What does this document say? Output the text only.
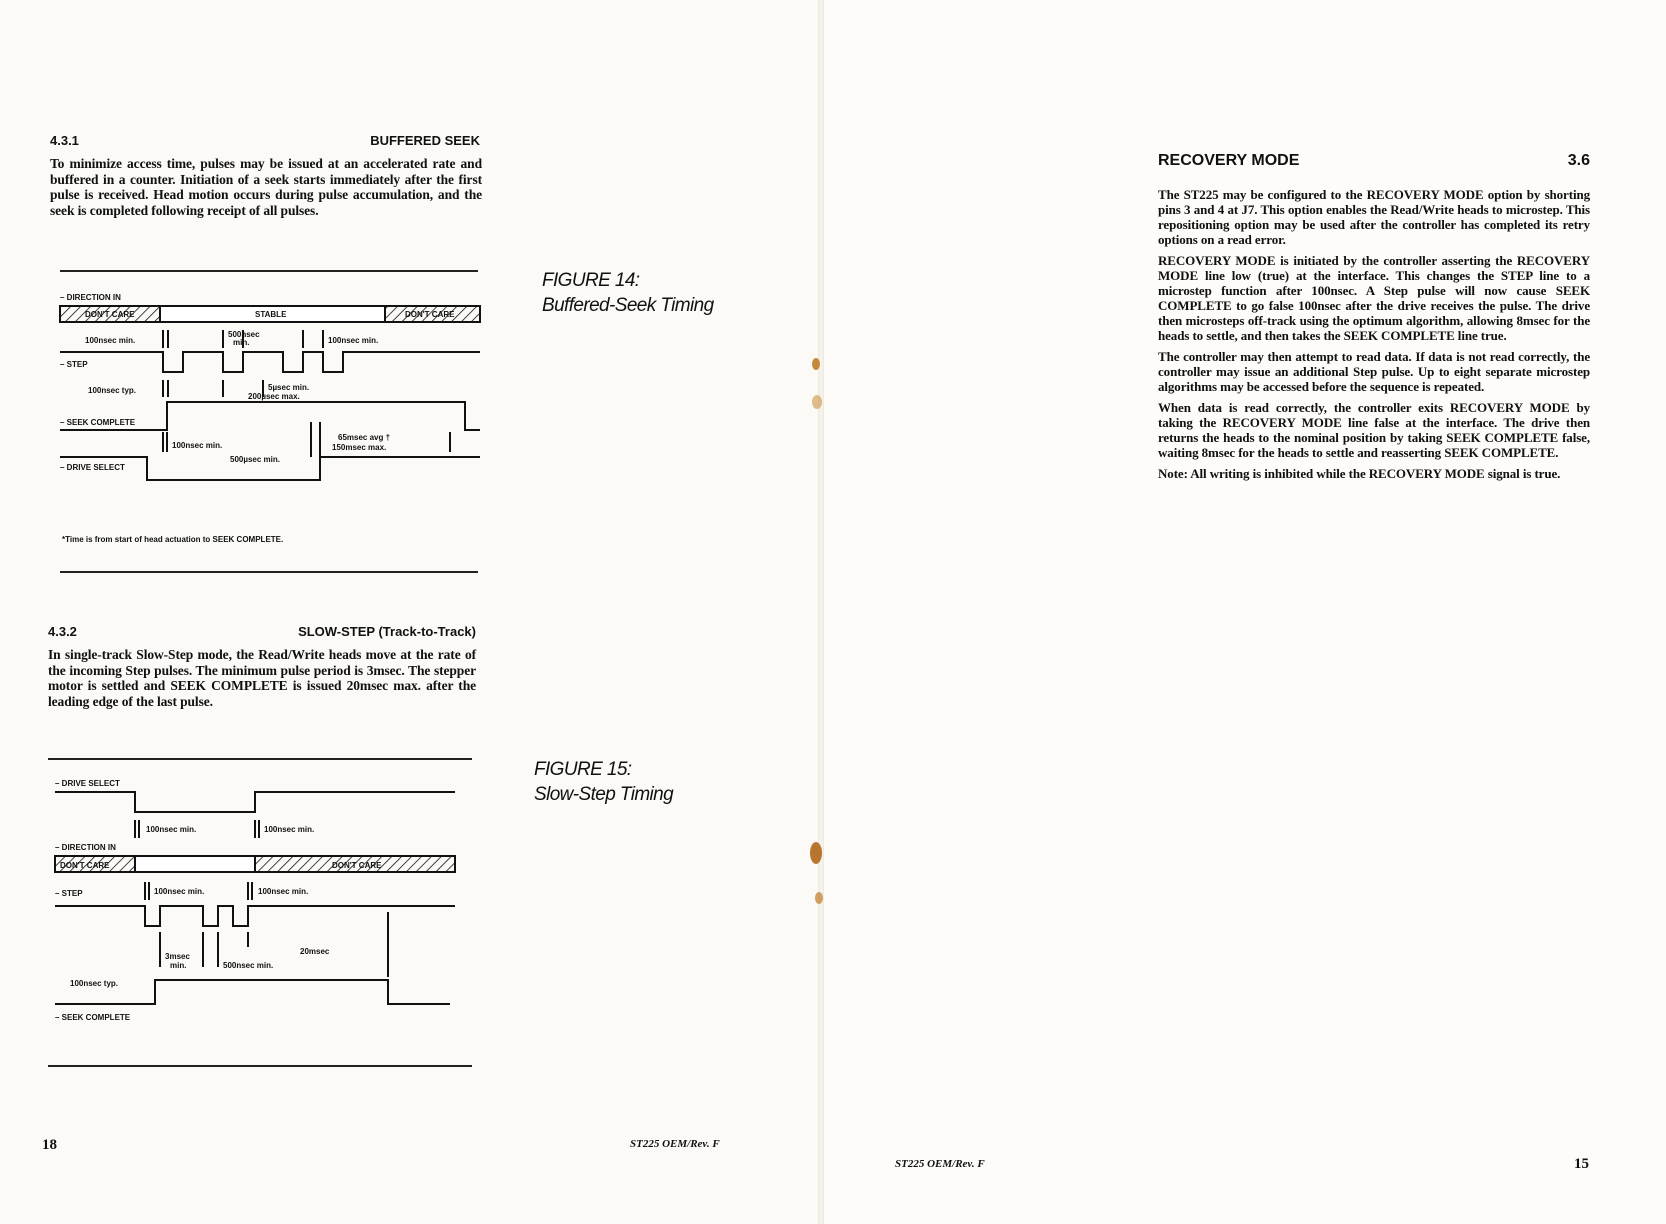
4.3.1	BUFFERED SEEK

To minimize access time, pulses may be issued at an accelerated rate and buffered in a counter. Initiation of a seek starts immediately after the first pulse is received. Head motion occurs during pulse accumulation, and the seek is completed following receipt of all pulses.

– DIRECTION IN
DON'T CARE	STABLE	DON'T CARE
100nsec min.
500nsec
min.	100nsec min.
– STEP
100nsec typ.	5µsec min.
200µsec max.
– SEEK COMPLETE
100nsec min.
500µsec min.
65msec avg †
150msec max.
– DRIVE SELECT
*Time is from start of head actuation to SEEK COMPLETE.
FIGURE 14:
Buffered-Seek Timing
4.3.2	SLOW-STEP (Track-to-Track)

In single-track Slow-Step mode, the Read/Write heads move at the rate of the incoming Step pulses. The minimum pulse period is 3msec. The stepper motor is settled and SEEK COMPLETE is issued 20msec max. after the leading edge of the last pulse.

– DRIVE SELECT
100nsec min.	100nsec min.
– DIRECTION IN
DON'T CARE	DON'T CARE
– STEP	100nsec min.	100nsec min.
20msec
3msec
min.	500nsec min.
100nsec typ.
– SEEK COMPLETE
FIGURE 15:
Slow-Step Timing
18	ST225 OEM/Rev. F
RECOVERY MODE	3.6

The ST225 may be configured to the RECOVERY MODE option by shorting pins 3 and 4 at J7. This option enables the Read/Write heads to microstep. This repositioning option may be used after the controller has completed its retry options on a read error.

RECOVERY MODE is initiated by the controller asserting the RECOVERY MODE line low (true) at the interface. This changes the STEP line to a microstep function after 100nsec. A Step pulse will now cause SEEK COMPLETE to go false 100nsec after the drive receives the pulse. The drive then microsteps off-track using the optimum algorithm, allowing 8msec for the heads to settle, and then takes the SEEK COMPLETE line true.

The controller may then attempt to read data. If data is not read correctly, the controller may issue an additional Step pulse. Up to eight separate microstep algorithms may be accessed before the sequence is repeated.

When data is read correctly, the controller exits RECOVERY MODE by taking the RECOVERY MODE line false at the interface. The drive then returns the heads to the nominal position by taking SEEK COMPLETE false, waiting 8msec for the heads to settle and reasserting SEEK COMPLETE.

Note: All writing is inhibited while the RECOVERY MODE signal is true.

ST225 OEM/Rev. F	15
